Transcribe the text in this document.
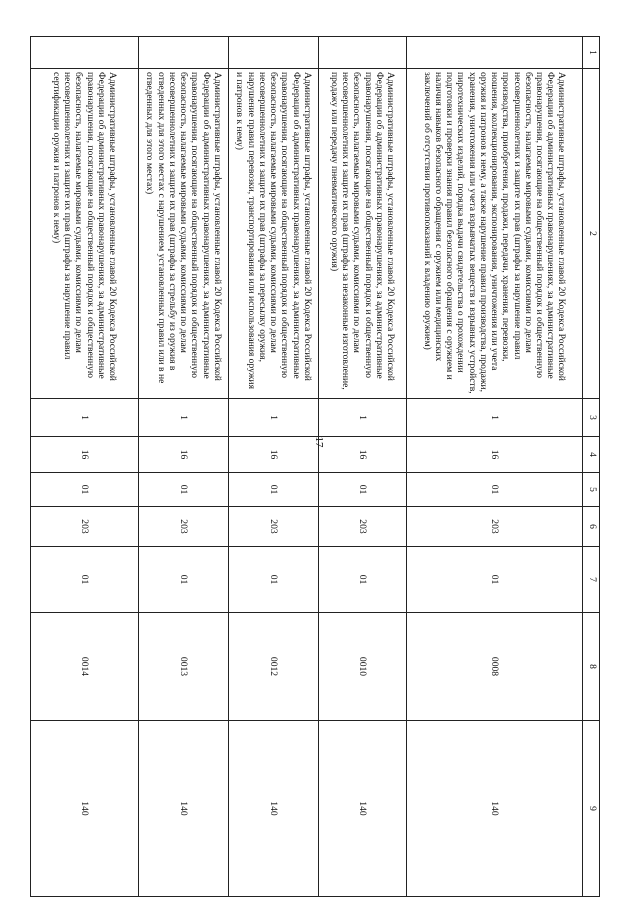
17
1	2	3	4	5	6	7	8	9
	Административные штрафы, установленные главой 20 Кодекса Российской Федерации об административных правонарушениях, за административные правонарушения, посягающие на общественный порядок и общественную безопасность, налагаемые мировыми судьями, комиссиями по делам несовершеннолетних и защите их прав (штрафы за нарушение правил производства, приобретения, продажи, передачи, хранения, перевозки, ношения, коллекционирования, экспонирования, уничтожения или учета оружия и патронов к нему, а также нарушение правил производства, продажи, хранения, уничтожения или учета взрывчатых веществ и взрывных устройств, пиротехнических изделий, порядка выдачи свидетельства о прохождении подготовки и проверки знания правил безопасного обращения с оружием и наличия навыков безопасного обращения с оружием или медицинских заключений об отсутствии противопоказаний к владению оружием)	1	16	01	203	01	0008	140
	Административные штрафы, установленные главой 20 Кодекса Российской Федерации об административных правонарушениях, за административные правонарушения, посягающие на общественный порядок и общественную безопасность, налагаемые мировыми судьями, комиссиями по делам несовершеннолетних и защите их прав (штрафы за незаконные изготовление, продажу или передачу пневматического оружия)	1	16	01	203	01	0010	140
	Административные штрафы, установленные главой 20 Кодекса Российской Федерации об административных правонарушениях, за административные правонарушения, посягающие на общественный порядок и общественную безопасность, налагаемые мировыми судьями, комиссиями по делам несовершеннолетних и защите их прав (штрафы за пересылку оружия, нарушение правил перевозки, транспортирования или использования оружия и патронов к нему)	1	16	01	203	01	0012	140
	Административные штрафы, установленные главой 20 Кодекса Российской Федерации об административных правонарушениях, за административные правонарушения, посягающие на общественный порядок и общественную безопасность, налагаемые мировыми судьями, комиссиями по делам несовершеннолетних и защите их прав (штрафы за стрельбу из оружия в отведенных для этого местах с нарушением установленных правил или в не отведенных для этого местах)	1	16	01	203	01	0013	140
	Административные штрафы, установленные главой 20 Кодекса Российской Федерации об административных правонарушениях, за административные правонарушения, посягающие на общественный порядок и общественную безопасность, налагаемые мировыми судьями, комиссиями по делам несовершеннолетних и защите их прав (штрафы за нарушение правил сертификации оружия и патронов к нему)	1	16	01	203	01	0014	140
